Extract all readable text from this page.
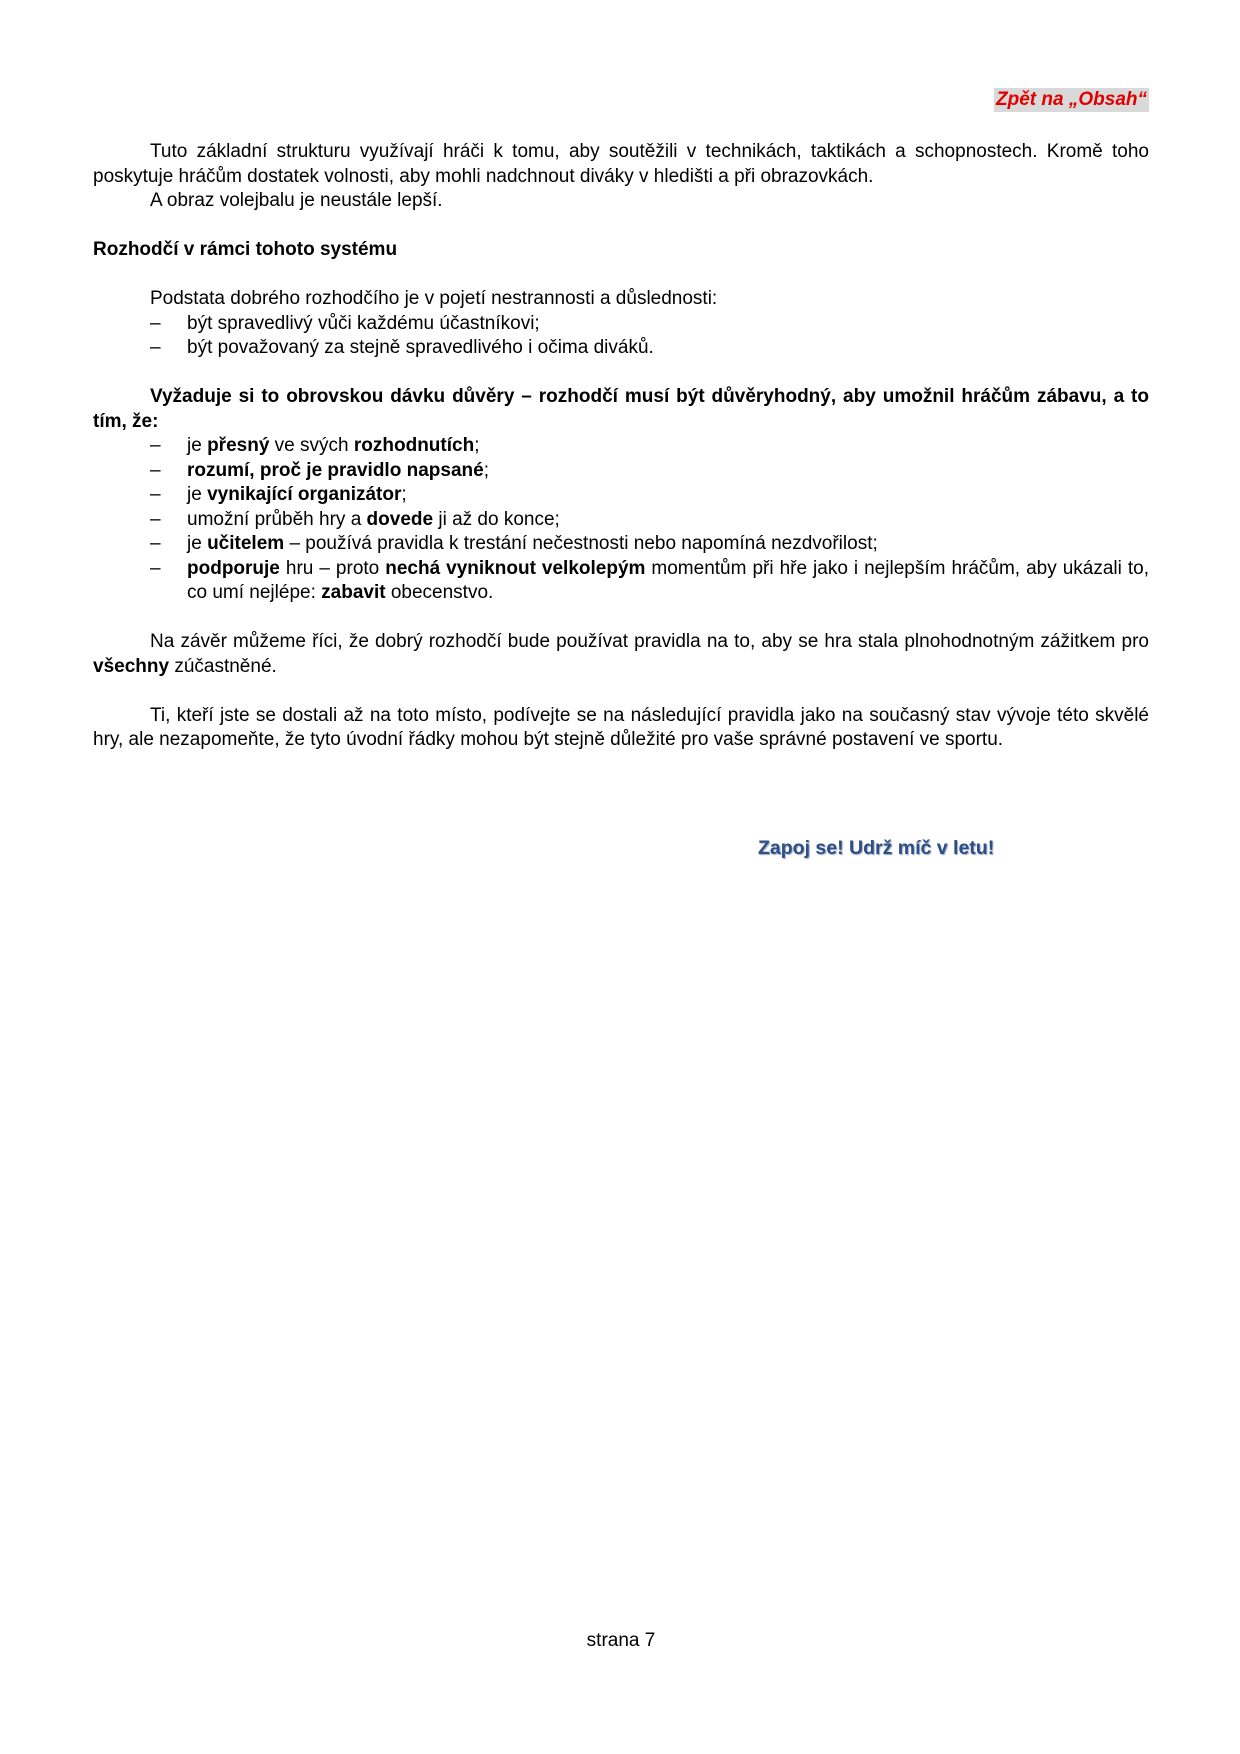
Zpět na „Obsah“

Tuto základní strukturu využívají hráči k tomu, aby soutěžili v technikách, taktikách a schopnostech. Kromě toho poskytuje hráčům dostatek volnosti, aby mohli nadchnout diváky v hledišti a při obrazovkách.

A obraz volejbalu je neustále lepší.

Rozhodčí v rámci tohoto systému

Podstata dobrého rozhodčího je v pojetí nestrannosti a důslednosti:

– být spravedlivý vůči každému účastníkovi;
– být považovaný za stejně spravedlivého i očima diváků.

Vyžaduje si to obrovskou dávku důvěry – rozhodčí musí být důvěryhodný, aby umožnil hráčům zábavu, a to tím, že:

– je přesný ve svých rozhodnutích;
– rozumí, proč je pravidlo napsané;
– je vynikající organizátor;
– umožní průběh hry a dovede ji až do konce;
– je učitelem – používá pravidla k trestání nečestnosti nebo napomíná nezdvořilost;
– podporuje hru – proto nechá vyniknout velkolepým momentům při hře jako i nejlepším hráčům, aby ukázali to, co umí nejlépe: zabavit obecenstvo.

Na závěr můžeme říci, že dobrý rozhodčí bude používat pravidla na to, aby se hra stala plnohodnotným zážitkem pro všechny zúčastněné.

Ti, kteří jste se dostali až na toto místo, podívejte se na následující pravidla jako na současný stav vývoje této skvělé hry, ale nezapomeňte, že tyto úvodní řádky mohou být stejně důležité pro vaše správné postavení ve sportu.

Zapoj se! Udrž míč v letu!
strana 7
